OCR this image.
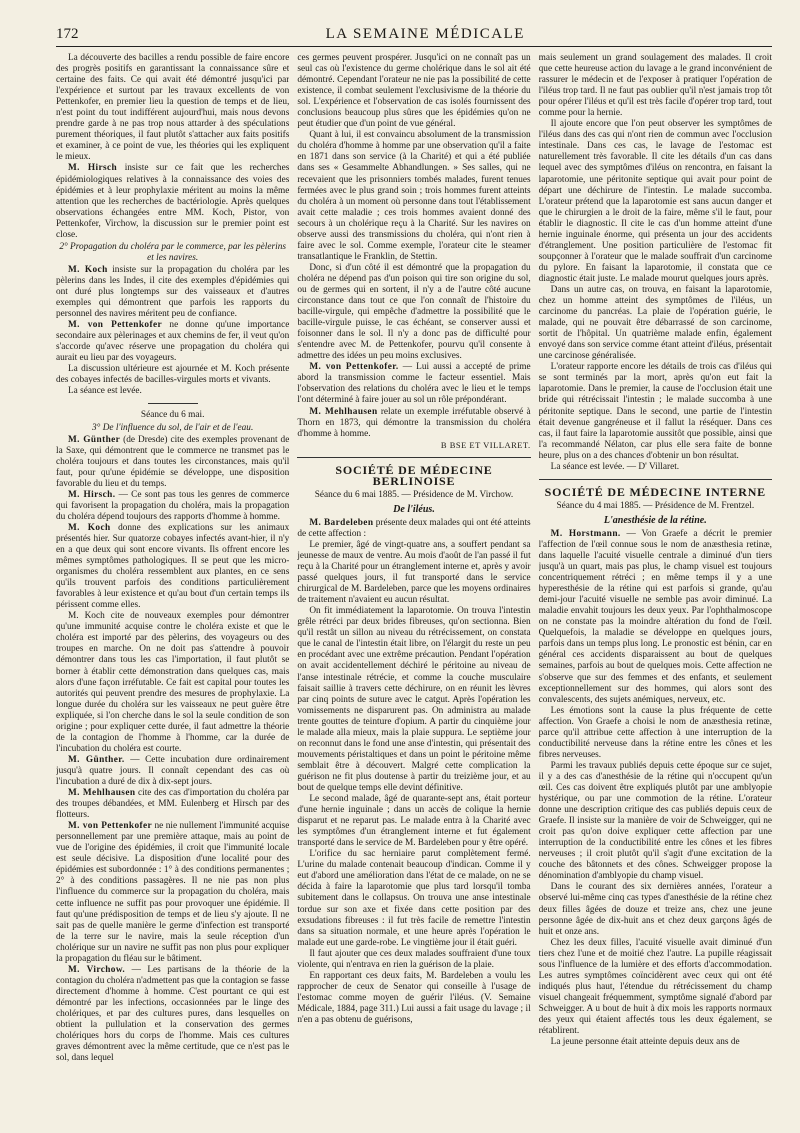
172	LA SEMAINE MÉDICALE

La découverte des bacilles a rendu possible de faire encore des progrès positifs en garantissant la connaissance sûre et certaine des faits. Ce qui avait été démontré jusqu'ici par l'expérience et surtout par les travaux excellents de von Pettenkofer, en premier lieu la question de temps et de lieu, n'est point du tout indifférent aujourd'hui, mais nous devons prendre garde à ne pas trop nous attarder à des spéculations purement théoriques, il faut plutôt s'attacher aux faits positifs et examiner, à ce point de vue, les théories qui les expliquent le mieux.

M. Hirsch insiste sur ce fait que les recherches épidémiologiques relatives à la connaissance des voies des épidémies et à leur prophylaxie méritent au moins la même attention que les recherches de bactériologie. Après quelques observations échangées entre MM. Koch, Pistor, von Pettenkofer, Virchow, la discussion sur le premier point est close.

2° Propagation du choléra par le commerce, par les pèlerins et les navires.

M. Koch insiste sur la propagation du choléra par les pèlerins dans les Indes, il cite des exemples d'épidémies qui ont duré plus longtemps sur des vaisseaux et d'autres exemples qui démontrent que parfois les rapports du personnel des navires méritent peu de confiance.

M. von Pettenkofer ne donne qu'une importance secondaire aux pèlerinages et aux chemins de fer, il veut qu'on s'accorde qu'avec réserve une propagation du choléra qui aurait eu lieu par des voyageurs.

La discussion ultérieure est ajournée et M. Koch présente des cobayes infectés de bacilles-virgules morts et vivants.

La séance est levée.

Séance du 6 mai.

3° De l'influence du sol, de l'air et de l'eau.

M. Günther (de Dresde) cite des exemples provenant de la Saxe, qui démontrent que le commerce ne transmet pas le choléra toujours et dans toutes les circonstances, mais qu'il faut, pour qu'une épidémie se développe, une disposition favorable du lieu et du temps.

M. Hirsch. — Ce sont pas tous les genres de commerce qui favorisent la propagation du choléra, mais la propagation du choléra dépend toujours des rapports d'homme à homme.

M. Koch donne des explications sur les animaux présentés hier. Sur quatorze cobayes infectés avant-hier, il n'y en a que deux qui sont encore vivants. Ils offrent encore les mêmes symptômes pathologiques. Il se peut que les micro-organismes du choléra ressemblent aux plantes, en ce sens qu'ils trouvent parfois des conditions particulièrement favorables à leur existence et qu'au bout d'un certain temps ils périssent comme elles.

M. Koch cite de nouveaux exemples pour démontrer qu'une immunité acquise contre le choléra existe et que le choléra est importé par des pèlerins, des voyageurs ou des troupes en marche. On ne doit pas s'attendre à pouvoir démontrer dans tous les cas l'importation, il faut plutôt se borner à établir cette démonstration dans quelques cas, mais alors d'une façon irréfutable. Ce fait est capital pour toutes les autorités qui peuvent prendre des mesures de prophylaxie. La longue durée du choléra sur les vaisseaux ne peut guère être expliquée, si l'on cherche dans le sol la seule condition de son origine ; pour expliquer cette durée, il faut admettre la théorie de la contagion de l'homme à l'homme, car la durée de l'incubation du choléra est courte.

M. Günther. — Cette incubation dure ordinairement jusqu'à quatre jours. Il connaît cependant des cas où l'incubation a duré de dix à dix-sept jours.

M. Mehlhausen cite des cas d'importation du choléra par des troupes débandées, et MM. Eulenberg et Hirsch par des flotteurs.

M. von Pettenkofer ne nie nullement l'immunité acquise personnellement par une première attaque, mais au point de vue de l'origine des épidémies, il croit que l'immunité locale est seule décisive. La disposition d'une localité pour des épidémies est subordonnée : 1° à des conditions permanentes ; 2° à des conditions passagères. Il ne nie pas non plus l'influence du commerce sur la propagation du choléra, mais cette influence ne suffit pas pour provoquer une épidémie. Il faut qu'une prédisposition de temps et de lieu s'y ajoute. Il ne sait pas de quelle manière le germe d'infection est transporté de la terre sur le navire, mais la seule réception d'un cholérique sur un navire ne suffit pas non plus pour expliquer la propagation du fléau sur le bâtiment.

M. Virchow. — Les partisans de la théorie de la contagion du choléra n'admettent pas que la contagion se fasse directement d'homme à homme. C'est pourtant ce qui est démontré par les infections, occasionnées par le linge des cholériques, et par des cultures pures, dans lesquelles on obtient la pullulation et la conservation des germes cholériques hors du corps de l'homme. Mais ces cultures graves démontrent avec la même certitude, que ce n'est pas le sol, dans lequel

ces germes peuvent prospérer. Jusqu'ici on ne connaît pas un seul cas où l'existence du germe cholérique dans le sol ait été démontré. Cependant l'orateur ne nie pas la possibilité de cette existence, il combat seulement l'exclusivisme de la théorie du sol. L'expérience et l'observation de cas isolés fournissent des conclusions beaucoup plus sûres que les épidémies qu'on ne peut étudier que d'un point de vue général.

Quant à lui, il est convaincu absolument de la transmission du choléra d'homme à homme par une observation qu'il a faite en 1871 dans son service (à la Charité) et qui a été publiée dans ses « Gesammelte Abhandlungen. » Ses salles, qui ne recevaient que les prisonniers tombés malades, furent tenues fermées avec le plus grand soin ; trois hommes furent atteints du choléra à un moment où personne dans tout l'établissement avait cette maladie ; ces trois hommes avaient donné des secours à un cholérique reçu à la Charité. Sur les navires on observe aussi des transmissions du choléra, qui n'ont rien à faire avec le sol. Comme exemple, l'orateur cite le steamer transatlantique le Franklin, de Stettin.

Donc, si d'un côté il est démontré que la propagation du choléra ne dépend pas d'un poison qui tire son origine du sol, ou de germes qui en sortent, il n'y a de l'autre côté aucune circonstance dans tout ce que l'on connaît de l'histoire du bacille-virgule, qui empêche d'admettre la possibilité que le bacille-virgule puisse, le cas échéant, se conserver aussi et foisonner dans le sol. Il n'y a donc pas de difficulté pour s'entendre avec M. de Pettenkofer, pourvu qu'il consente à admettre des idées un peu moins exclusives.

M. von Pettenkofer. — Lui aussi a accepté de prime abord la transmission comme le facteur essentiel. Mais l'observation des relations du choléra avec le lieu et le temps l'ont déterminé à faire jouer au sol un rôle prépondérant.

M. Mehlhausen relate un exemple irréfutable observé à Thorn en 1873, qui démontre la transmission du choléra d'homme à homme.

B BSE ET VILLARET.

SOCIÉTÉ DE MÉDECINE BERLINOISE
Séance du 6 mai 1885. — Présidence de M. Virchow.
De l'iléus.

M. Bardeleben présente deux malades qui ont été atteints de cette affection :

Le premier, âgé de vingt-quatre ans, a souffert pendant sa jeunesse de maux de ventre. Au mois d'août de l'an passé il fut reçu à la Charité pour un étranglement interne et, après y avoir passé quelques jours, il fut transporté dans le service chirurgical de M. Bardeleben, parce que les moyens ordinaires de traitement n'avaient eu aucun résultat.

On fit immédiatement la laparotomie. On trouva l'intestin grêle rétréci par deux brides fibreuses, qu'on sectionna. Bien qu'il restât un sillon au niveau du rétrécissement, on constata que le canal de l'intestin était libre, on l'élargit du reste un peu en procédant avec une extrême précaution. Pendant l'opération on avait accidentellement déchiré le péritoine au niveau de l'anse intestinale rétrécie, et comme la couche musculaire faisait saillie à travers cette déchirure, on en réunit les lèvres par cinq points de suture avec le catgut. Après l'opération les vomissements ne disparurent pas. On administra au malade trente gouttes de teinture d'opium. A partir du cinquième jour le malade alla mieux, mais la plaie suppura. Le septième jour on reconnut dans le fond une anse d'intestin, qui présentait des mouvements péristaltiques et dans un point le péritoine même semblait être à découvert. Malgré cette complication la guérison ne fit plus doutense à partir du treizième jour, et au bout de quelque temps elle devint définitive.

Le second malade, âgé de quarante-sept ans, était porteur d'une hernie inguinale ; dans un accès de colique la hernie disparut et ne reparut pas. Le malade entra à la Charité avec les symptômes d'un étranglement interne et fut également transporté dans le service de M. Bardeleben pour y être opéré.

L'orifice du sac herniaire parut complètement fermé. L'urine du malade contenait beaucoup d'indican. Comme il y eut d'abord une amélioration dans l'état de ce malade, on ne se décida à faire la laparotomie que plus tard lorsqu'il tomba subitement dans le collapsus. On trouva une anse intestinale tordue sur son axe et fixée dans cette position par des exsudations fibreuses : il fut très facile de remettre l'intestin dans sa situation normale, et une heure après l'opération le malade eut une garde-robe. Le vingtième jour il était guéri.

Il faut ajouter que ces deux malades souffraient d'une toux violente, qui n'entrava en rien la guérison de la plaie.

En rapportant ces deux faits, M. Bardeleben a voulu les rapprocher de ceux de Senator qui conseille à l'usage de l'estomac comme moyen de guérir l'iléus. (V. Semaine Médicale, 1884, page 311.) Lui aussi a fait usage du lavage ; il n'en a pas obtenu de guérisons,

mais seulement un grand soulagement des malades. Il croit que cette heureuse action du lavage a le grand inconvénient de rassurer le médecin et de l'exposer à pratiquer l'opération de l'iléus trop tard. Il ne faut pas oublier qu'il n'est jamais trop tôt pour opérer l'iléus et qu'il est très facile d'opérer trop tard, tout comme pour la hernie.

Il ajoute encore que l'on peut observer les symptômes de l'iléus dans des cas qui n'ont rien de commun avec l'occlusion intestinale. Dans ces cas, le lavage de l'estomac est naturellement très favorable. Il cite les détails d'un cas dans lequel avec des symptômes d'iléus on rencontra, en faisant la laparotomie, une péritonite septique qui avait pour point de départ une déchirure de l'intestin. Le malade succomba. L'orateur prétend que la laparotomie est sans aucun danger et que le chirurgien a le droit de la faire, même s'il le faut, pour établir le diagnostic. Il cite le cas d'un homme atteint d'une hernie inguinale énorme, qui présenta un jour des accidents d'étranglement. Une position particulière de l'estomac fit soupçonner à l'orateur que le malade souffrait d'un carcinome du pylore. En faisant la laparotomie, il constata que ce diagnostic était juste. Le malade mourut quelques jours après.

Dans un autre cas, on trouva, en faisant la laparotomie, chez un homme atteint des symptômes de l'iléus, un carcinome du pancréas. La plaie de l'opération guérie, le malade, qui ne pouvait être débarrassé de son carcinome, sortit de l'hôpital. Un quatrième malade enfin, également envoyé dans son service comme étant atteint d'iléus, présentait une carcinose généralisée.

L'orateur rapporte encore les détails de trois cas d'iléus qui se sont terminés par la mort, après qu'on eut fait la laparotomie. Dans le premier, la cause de l'occlusion était une bride qui rétrécissait l'intestin ; le malade succomba à une péritonite septique. Dans le second, une partie de l'intestin était devenue gangréneuse et il fallut la réséquer. Dans ces cas, il faut faire la laparotomie aussitôt que possible, ainsi que l'a recommandé Nélaton, car plus elle sera faite de bonne heure, plus on a des chances d'obtenir un bon résultat.

La séance est levée. — D' Villaret.

SOCIÉTÉ DE MÉDECINE INTERNE
Séance du 4 mai 1885. — Présidence de M. Frentzel.
L'anesthésie de la rétine.

M. Horstmann. — Von Graefe a décrit le premier l'affection de l'œil connue sous le nom de anæsthesia retinæ, dans laquelle l'acuité visuelle centrale a diminué d'un tiers jusqu'à un quart, mais pas plus, le champ visuel est toujours concentriquement rétréci ; en même temps il y a une hyperesthésie de la rétine qui est parfois si grande, qu'au demi-jour l'acuité visuelle ne semble pas avoir diminué. La maladie envahit toujours les deux yeux. Par l'ophthalmoscope on ne constate pas la moindre altération du fond de l'œil. Quelquefois, la maladie se développe en quelques jours, parfois dans un temps plus long. Le pronostic est bénin, car en général ces accidents disparaissent au bout de quelques semaines, parfois au bout de quelques mois. Cette affection ne s'observe que sur des femmes et des enfants, et seulement exceptionnellement sur des hommes, qui alors sont des convalescents, des sujets anémiques, nerveux, etc.

Les émotions sont la cause la plus fréquente de cette affection. Von Graefe a choisi le nom de anæsthesia retinæ, parce qu'il attribue cette affection à une interruption de la conductibilité nerveuse dans la rétine entre les cônes et les fibres nerveuses.

Parmi les travaux publiés depuis cette époque sur ce sujet, il y a des cas d'anesthésie de la rétine qui n'occupent qu'un œil. Ces cas doivent être expliqués plutôt par une amblyopie hystérique, ou par une commotion de la rétine. L'orateur donne une description critique des cas publiés depuis ceux de Graefe. Il insiste sur la manière de voir de Schweigger, qui ne croit pas qu'on doive expliquer cette affection par une interruption de la conductibilité entre les cônes et les fibres nerveuses ; il croit plutôt qu'il s'agit d'une excitation de la couche des bâtonnets et des cônes. Schweigger propose la dénomination d'amblyopie du champ visuel.

Dans le courant des six dernières années, l'orateur a observé lui-même cinq cas types d'anesthésie de la rétine chez deux filles âgées de douze et treize ans, chez une jeune personne âgée de dix-huit ans et chez deux garçons âgés de huit et onze ans.

Chez les deux filles, l'acuité visuelle avait diminué d'un tiers chez l'une et de moitié chez l'autre. La pupille réagissait sous l'influence de la lumière et des efforts d'accommodation. Les autres symptômes coïncidèrent avec ceux qui ont été indiqués plus haut, l'étendue du rétrécissement du champ visuel changeait fréquemment, symptôme signalé d'abord par Schweigger. A u bout de huit à dix mois les rapports normaux des yeux qui étaient affectés tous les deux également, se rétablirent.

La jeune personne était atteinte depuis deux ans de
